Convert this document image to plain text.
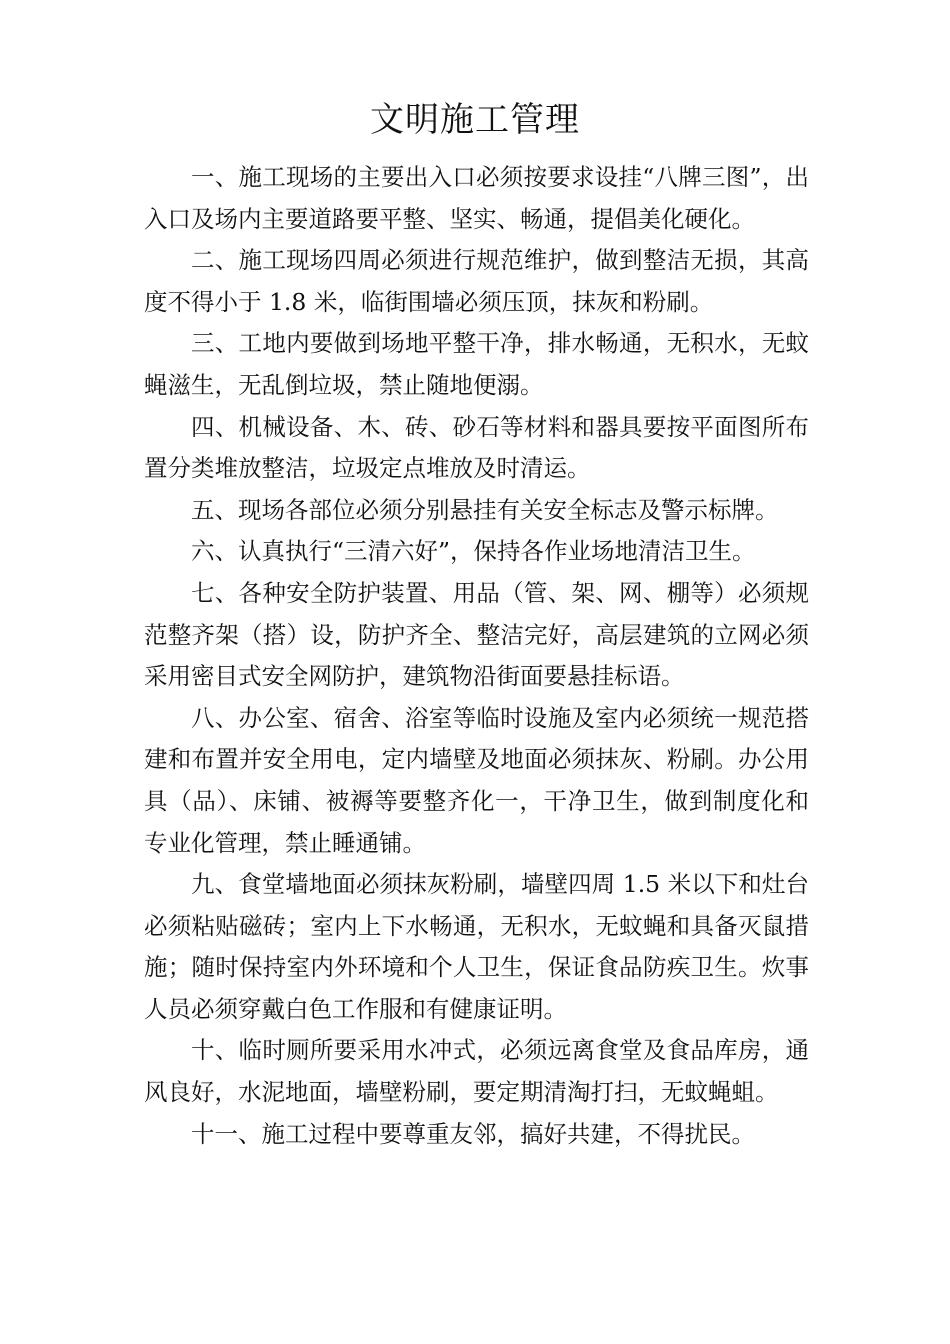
文明施工管理

一、施工现场的主要出入口必须按要求设挂“八牌三图”，出入口及场内主要道路要平整、坚实、畅通，提倡美化硬化。

二、施工现场四周必须进行规范维护，做到整洁无损，其高度不得小于 1.8 米，临街围墙必须压顶，抹灰和粉刷。

三、工地内要做到场地平整干净，排水畅通，无积水，无蚊蝇滋生，无乱倒垃圾，禁止随地便溺。

四、机械设备、木、砖、砂石等材料和器具要按平面图所布置分类堆放整洁，垃圾定点堆放及时清运。

五、现场各部位必须分别悬挂有关安全标志及警示标牌。

六、认真执行“三清六好”，保持各作业场地清洁卫生。

七、各种安全防护装置、用品（管、架、网、棚等）必须规范整齐架（搭）设，防护齐全、整洁完好，高层建筑的立网必须采用密目式安全网防护，建筑物沿街面要悬挂标语。

八、办公室、宿舍、浴室等临时设施及室内必须统一规范搭建和布置并安全用电，定内墙壁及地面必须抹灰、粉刷。办公用具（品）、床铺、被褥等要整齐化一，干净卫生，做到制度化和专业化管理，禁止睡通铺。

九、食堂墙地面必须抹灰粉刷，墙壁四周 1.5 米以下和灶台必须粘贴磁砖；室内上下水畅通，无积水，无蚊蝇和具备灭鼠措施；随时保持室内外环境和个人卫生，保证食品防疾卫生。炊事人员必须穿戴白色工作服和有健康证明。

十、临时厕所要采用水冲式，必须远离食堂及食品库房，通风良好，水泥地面，墙壁粉刷，要定期清淘打扫，无蚊蝇蛆。

十一、施工过程中要尊重友邻，搞好共建，不得扰民。
